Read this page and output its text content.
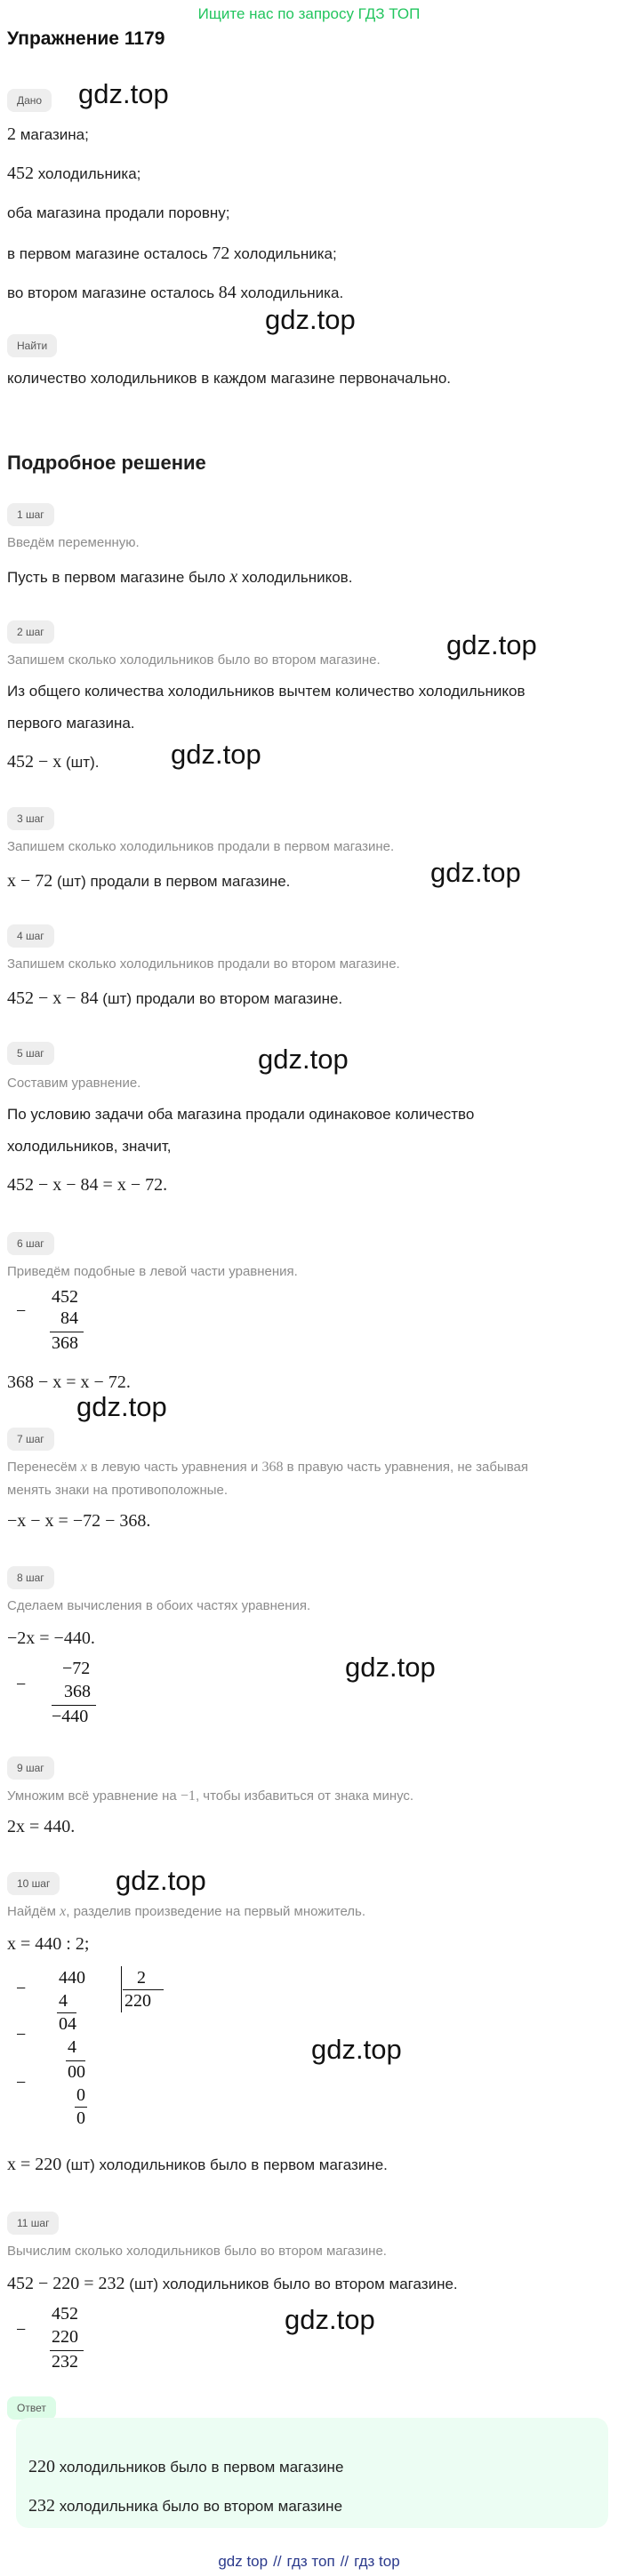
Ищите нас по запросу ГДЗ ТОП
Упражнение 1179
gdz.top
gdz.top
gdz.top
gdz.top
gdz.top
gdz.top
gdz.top
gdz.top
gdz.top
gdz.top
gdz.top
Дано
2 магазина;
452 холодильника;
оба магазина продали поровну;
в первом магазине осталось 72 холодильника;
во втором магазине осталось 84 холодильника.
Найти
количество холодильников в каждом магазине первоначально.
Подробное решение
1 шаг
Введём переменную.
Пусть в первом магазине было x холодильников.
2 шаг
Запишем сколько холодильников было во втором магазине.
Из общего количества холодильников вычтем количество холодильников
первого магазина.
452 − x (шт).
3 шаг
Запишем сколько холодильников продали в первом магазине.
x − 72 (шт) продали в первом магазине.
4 шаг
Запишем сколько холодильников продали во втором магазине.
452 − x − 84 (шт) продали во втором магазине.
5 шаг
Составим уравнение.
По условию задачи оба магазина продали одинаковое количество
холодильников, значит,
452 − x − 84 = x − 72.
6 шаг
Приведём подобные в левой части уравнения.
−
452
84
368
368 − x = x − 72.
7 шаг
Перенесём x в левую часть уравнения и 368 в правую часть уравнения, не забывая
менять знаки на противоположные.
−x − x = −72 − 368.
8 шаг
Сделаем вычисления в обоих частях уравнения.
−2x = −440.
−
−72
368
−440
9 шаг
Умножим всё уравнение на −1, чтобы избавиться от знака минус.
2x = 440.
10 шаг
Найдём x, разделив произведение на первый множитель.
x = 440 : 2;
−
440	2
220
4
04
−
4
00
−
0
0
x = 220 (шт) холодильников было в первом магазине.
11 шаг
Вычислим сколько холодильников было во втором магазине.
452 − 220 = 232 (шт) холодильников было во втором магазине.
−
452
220
232
Ответ
220 холодильников было в первом магазине
232 холодильника было во втором магазине
gdz top // гдз топ // гдз top
